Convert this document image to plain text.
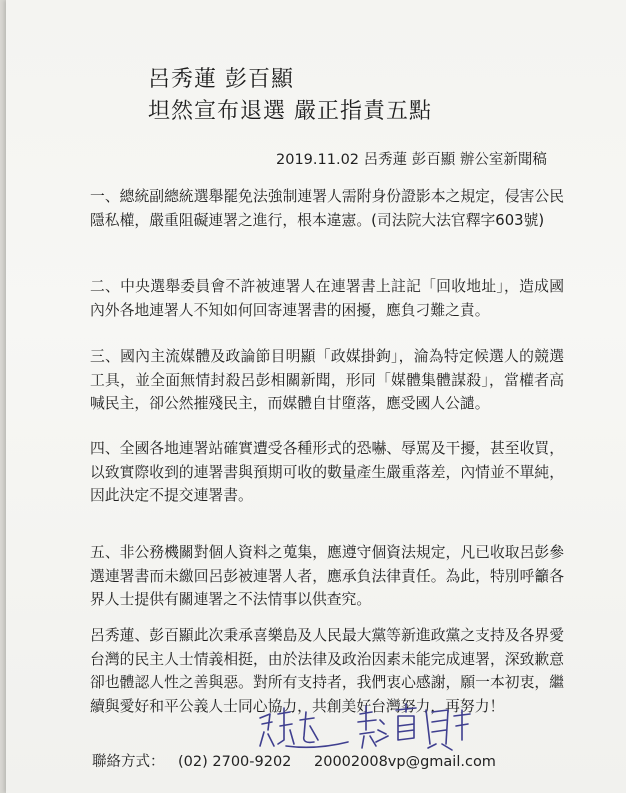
呂秀蓮 彭百顯
坦然宣布退選 嚴正指責五點
2019.11.02 呂秀蓮 彭百顯 辦公室新聞稿
一、總統副總統選舉罷免法強制連署人需附身份證影本之規定，侵害公民隱私權，嚴重阻礙連署之進行，根本違憲。(司法院大法官釋字603號)
二、中央選舉委員會不許被連署人在連署書上註記「回收地址」，造成國內外各地連署人不知如何回寄連署書的困擾，應負刁難之責。
三、國內主流媒體及政論節目明顯「政媒掛鉤」，淪為特定候選人的競選工具，並全面無情封殺呂彭相關新聞，形同「媒體集體謀殺」，當權者高喊民主，卻公然摧殘民主，而媒體自甘墮落，應受國人公譴。
四、全國各地連署站確實遭受各種形式的恐嚇、辱罵及干擾，甚至收買，以致實際收到的連署書與預期可收的數量產生嚴重落差，內情並不單純，因此決定不提交連署書。
五、非公務機關對個人資料之蒐集，應遵守個資法規定，凡已收取呂彭參選連署書而未繳回呂彭被連署人者，應承負法律責任。為此，特別呼籲各界人士提供有關連署之不法情事以供查究。
呂秀蓮、彭百顯此次秉承喜樂島及人民最大黨等新進政黨之支持及各界愛台灣的民主人士情義相挺，由於法律及政治因素未能完成連署，深致歉意卻也體認人性之善與惡。對所有支持者，我們衷心感謝，願一本初衷，繼續與愛好和平公義人士同心協力，共創美好台灣努力，再努力！
聯絡方式： (02) 2700-9202 20002008vp@gmail.com
